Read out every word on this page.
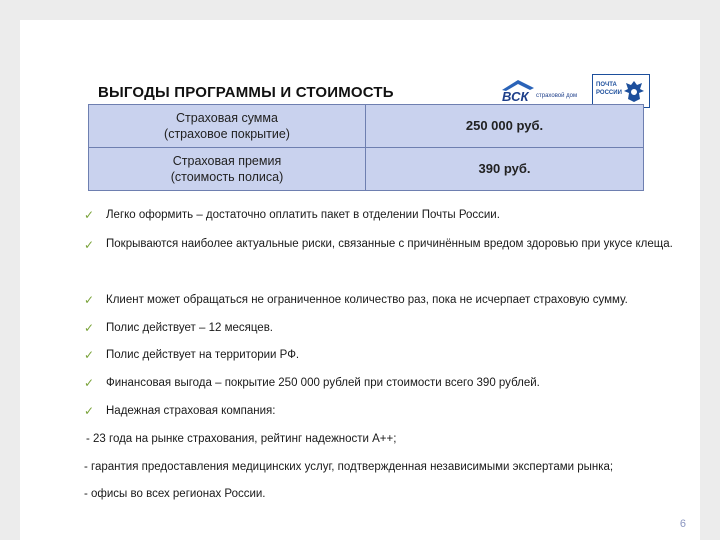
ВЫГОДЫ ПРОГРАММЫ И СТОИМОСТЬ	ВСК страховой дом
ПОЧТА РОССИИ
Страховая сумма
(страховое покрытие)	250 000 руб.
Страховая премия
(стоимость полиса)	390 руб.
✓	Легко оформить – достаточно оплатить пакет в отделении Почты России.
✓	Покрываются наиболее актуальные риски, связанные с причинённым вредом здоровью при укусе клеща.
✓	Клиент может обращаться не ограниченное количество раз, пока не исчерпает страховую сумму.
✓	Полис действует – 12 месяцев.
✓	Полис действует на территории РФ.
✓	Финансовая выгода – покрытие 250 000 рублей при стоимости всего 390 рублей.
✓	Надежная страховая компания:
- 23 года на рынке страхования, рейтинг надежности А++;
- гарантия предоставления медицинских услуг, подтвержденная независимыми экспертами рынка;
- офисы во всех регионах России.
6
